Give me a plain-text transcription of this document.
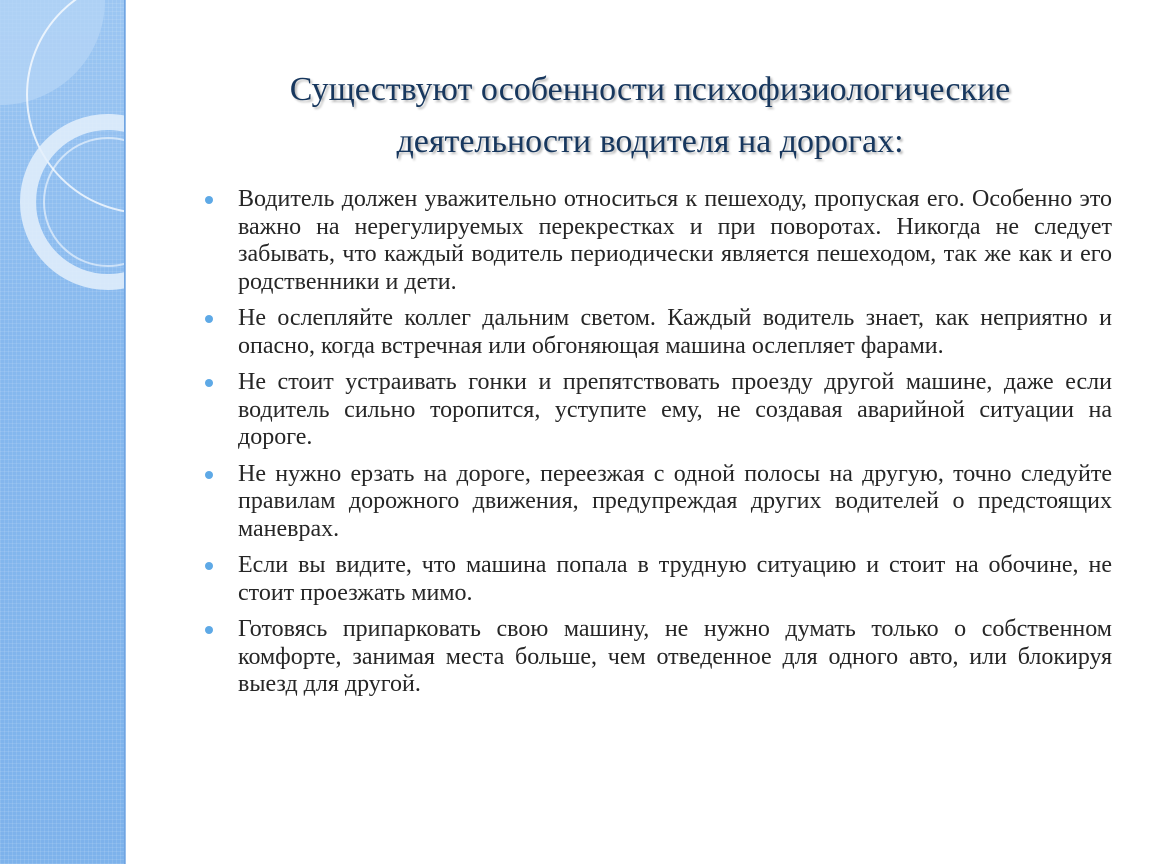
Существуют особенности психофизиологические
деятельности водителя на дорогах:
Водитель должен уважительно относиться к пешеходу, пропуская его. Особенно это важно на нерегулируемых перекрестках и при поворотах. Никогда не следует забывать, что каждый водитель периодически является пешеходом, так же как и его родственники и дети.
Не ослепляйте коллег дальним светом. Каждый водитель знает, как неприятно и опасно, когда встречная или обгоняющая машина ослепляет фарами.
Не стоит устраивать гонки и препятствовать проезду другой машине, даже если водитель сильно торопится, уступите ему, не создавая аварийной ситуации на дороге.
Не нужно ерзать на дороге, переезжая с одной полосы на другую, точно следуйте правилам дорожного движения, предупреждая других водителей о предстоящих маневрах.
Если вы видите, что машина попала в трудную ситуацию и стоит на обочине, не стоит проезжать мимо.
Готовясь припарковать свою машину, не нужно думать только о собственном комфорте, занимая места больше, чем отведенное для одного авто, или блокируя выезд для другой.
